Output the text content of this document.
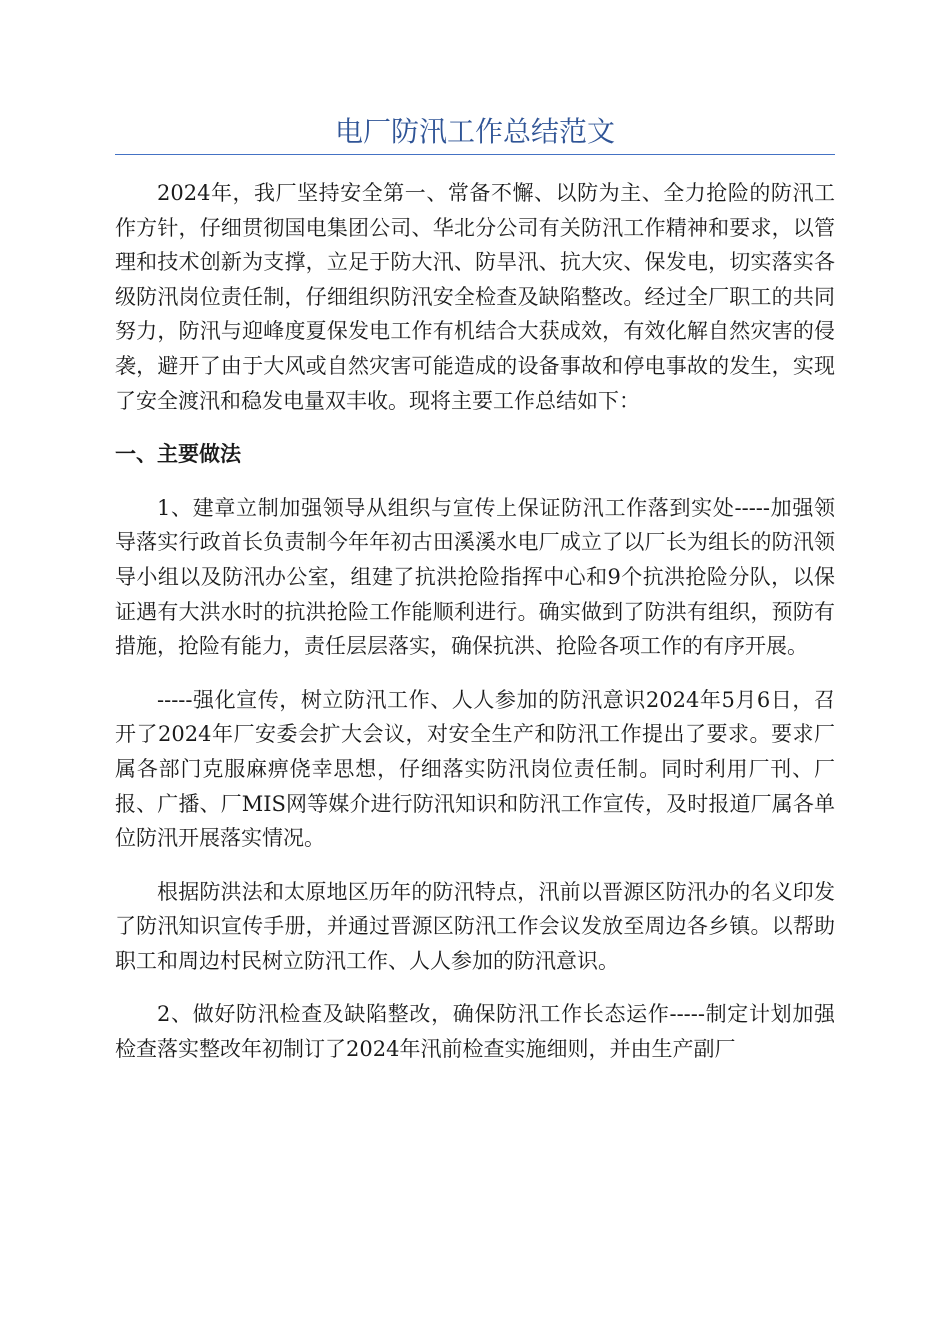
电厂防汛工作总结范文

2024年，我厂坚持安全第一、常备不懈、以防为主、全力抢险的防汛工作方针，仔细贯彻国电集团公司、华北分公司有关防汛工作精神和要求，以管理和技术创新为支撑，立足于防大汛、防旱汛、抗大灾、保发电，切实落实各级防汛岗位责任制，仔细组织防汛安全检查及缺陷整改。经过全厂职工的共同努力，防汛与迎峰度夏保发电工作有机结合大获成效，有效化解自然灾害的侵袭，避开了由于大风或自然灾害可能造成的设备事故和停电事故的发生，实现了安全渡汛和稳发电量双丰收。现将主要工作总结如下：

一、主要做法

1、建章立制加强领导从组织与宣传上保证防汛工作落到实处-----加强领导落实行政首长负责制今年年初古田溪溪水电厂成立了以厂长为组长的防汛领导小组以及防汛办公室，组建了抗洪抢险指挥中心和9个抗洪抢险分队，以保证遇有大洪水时的抗洪抢险工作能顺利进行。确实做到了防洪有组织，预防有措施，抢险有能力，责任层层落实，确保抗洪、抢险各项工作的有序开展。

-----强化宣传，树立防汛工作、人人参加的防汛意识2024年5月6日，召开了2024年厂安委会扩大会议，对安全生产和防汛工作提出了要求。要求厂属各部门克服麻痹侥幸思想，仔细落实防汛岗位责任制。同时利用厂刊、厂报、广播、厂MIS网等媒介进行防汛知识和防汛工作宣传，及时报道厂属各单位防汛开展落实情况。

根据防洪法和太原地区历年的防汛特点，汛前以晋源区防汛办的名义印发了防汛知识宣传手册，并通过晋源区防汛工作会议发放至周边各乡镇。以帮助职工和周边村民树立防汛工作、人人参加的防汛意识。

2、做好防汛检查及缺陷整改，确保防汛工作长态运作-----制定计划加强检查落实整改年初制订了2024年汛前检查实施细则，并由生产副厂
